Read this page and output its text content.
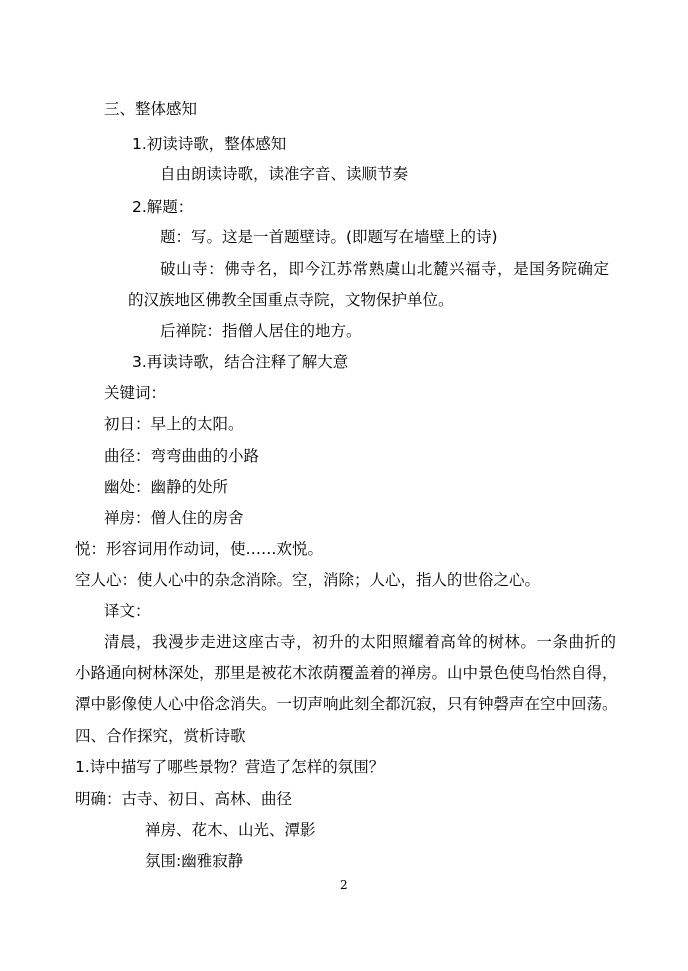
三、整体感知
1.初读诗歌，整体感知
自由朗读诗歌，读准字音、读顺节奏
2.解题：
题：写。这是一首题壁诗。(即题写在墙壁上的诗)
破山寺：佛寺名，即今江苏常熟虞山北麓兴福寺，是国务院确定
的汉族地区佛教全国重点寺院，文物保护单位。
后禅院：指僧人居住的地方。
3.再读诗歌，结合注释了解大意
关键词：
初日：早上的太阳。
曲径：弯弯曲曲的小路
幽处：幽静的处所
禅房：僧人住的房舍
悦：形容词用作动词，使……欢悦。
空人心：使人心中的杂念消除。空，消除；人心，指人的世俗之心。
译文：
清晨，我漫步走进这座古寺，初升的太阳照耀着高耸的树林。一条曲折的
小路通向树林深处，那里是被花木浓荫覆盖着的禅房。山中景色使鸟怡然自得，
潭中影像使人心中俗念消失。一切声响此刻全都沉寂，只有钟磬声在空中回荡。
四、合作探究，赏析诗歌
1.诗中描写了哪些景物？营造了怎样的氛围？
明确：古寺、初日、高林、曲径
禅房、花木、山光、潭影
氛围:幽雅寂静
2
